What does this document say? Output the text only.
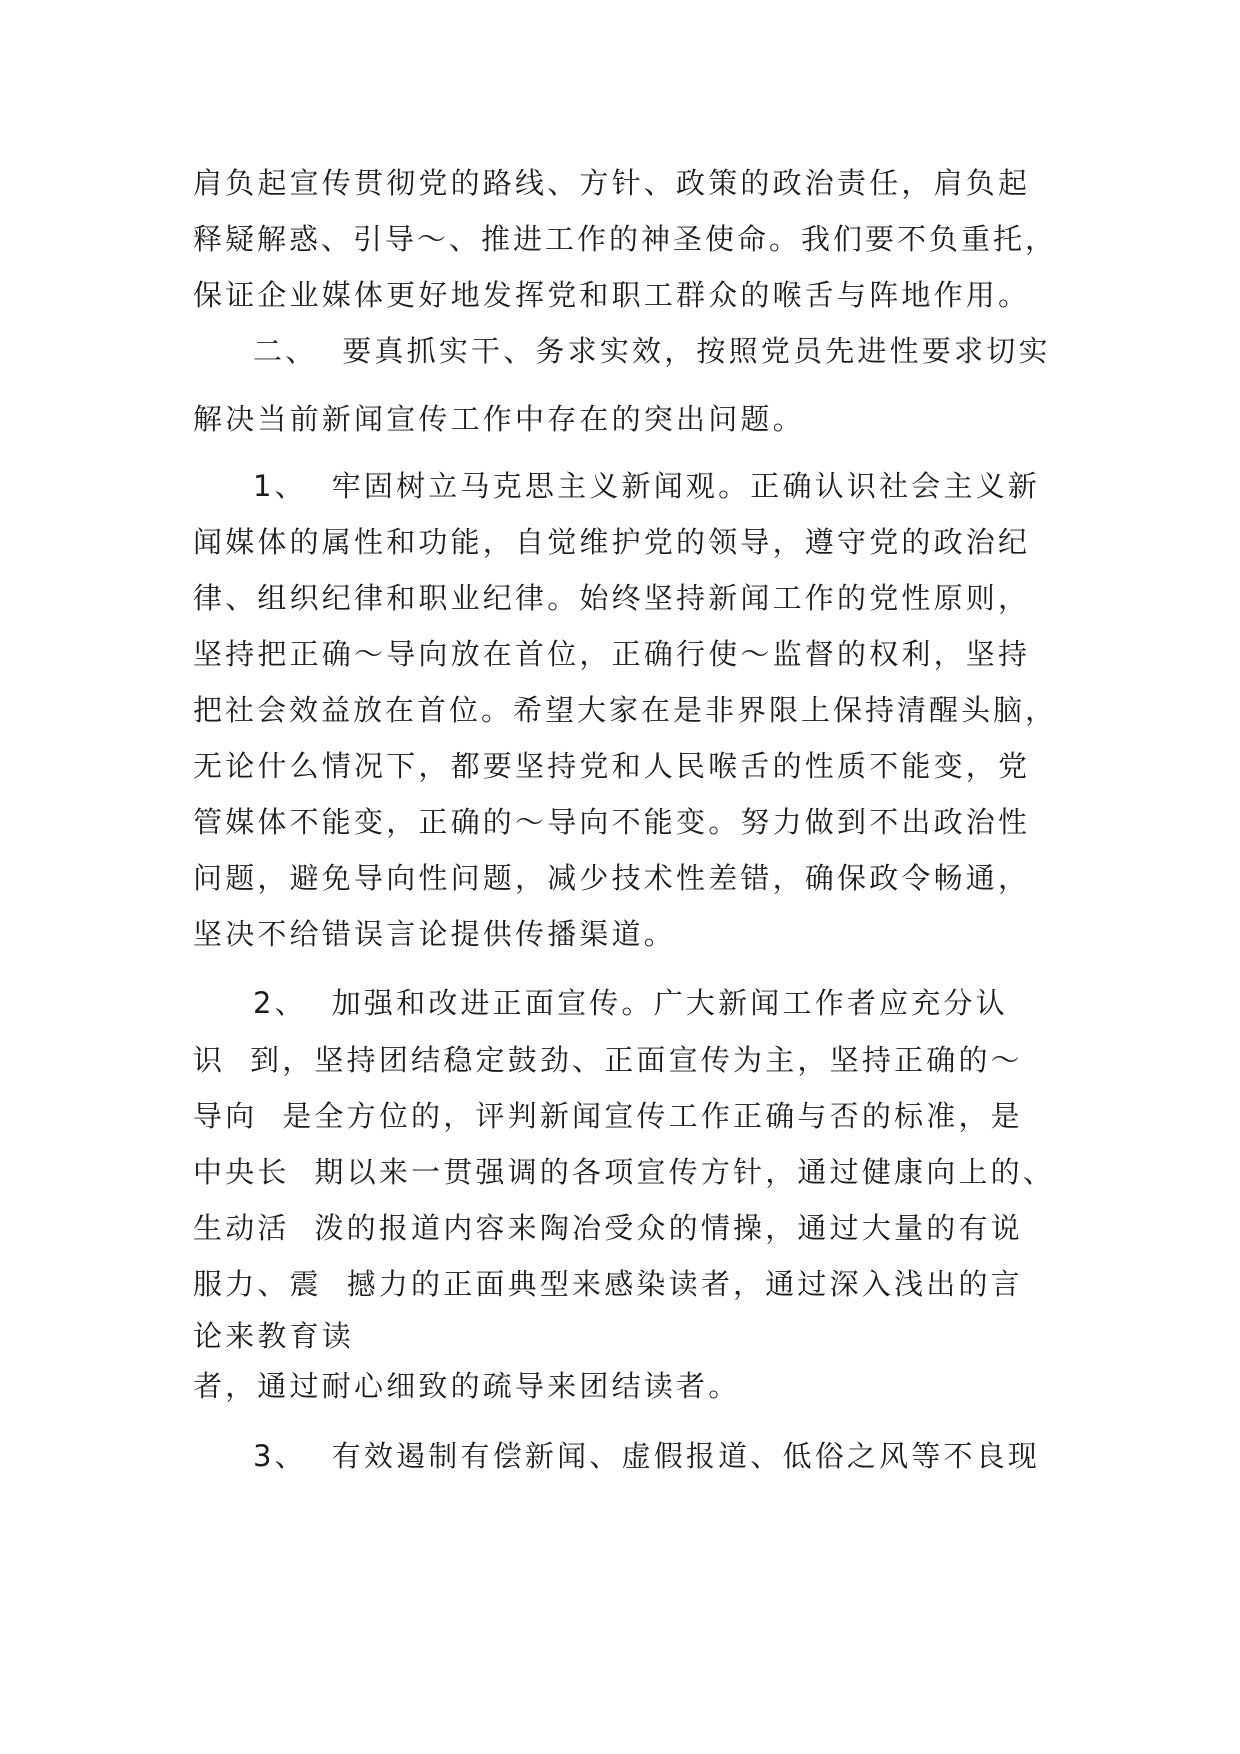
肩负起宣传贯彻党的路线、方针、政策的政治责任，肩负起
释疑解惑、引导～、推进工作的神圣使命。我们要不负重托，
保证企业媒体更好地发挥党和职工群众的喉舌与阵地作用。
二、  要真抓实干、务求实效，按照党员先进性要求切实
解决当前新闻宣传工作中存在的突出问题。
1、  牢固树立马克思主义新闻观。正确认识社会主义新
闻媒体的属性和功能，自觉维护党的领导，遵守党的政治纪
律、组织纪律和职业纪律。始终坚持新闻工作的党性原则，
坚持把正确～导向放在首位，正确行使～监督的权利，坚持
把社会效益放在首位。希望大家在是非界限上保持清醒头脑，
无论什么情况下，都要坚持党和人民喉舌的性质不能变，党
管媒体不能变，正确的～导向不能变。努力做到不出政治性
问题，避免导向性问题，减少技术性差错，确保政令畅通，
坚决不给错误言论提供传播渠道。
2、  加强和改进正面宣传。广大新闻工作者应充分认
识  到，坚持团结稳定鼓劲、正面宣传为主，坚持正确的～
导向  是全方位的，评判新闻宣传工作正确与否的标准，是
中央长  期以来一贯强调的各项宣传方针，通过健康向上的、
生动活  泼的报道内容来陶冶受众的情操，通过大量的有说
服力、震  撼力的正面典型来感染读者，通过深入浅出的言
论来教育读
者，通过耐心细致的疏导来团结读者。
3、  有效遏制有偿新闻、虚假报道、低俗之风等不良现
